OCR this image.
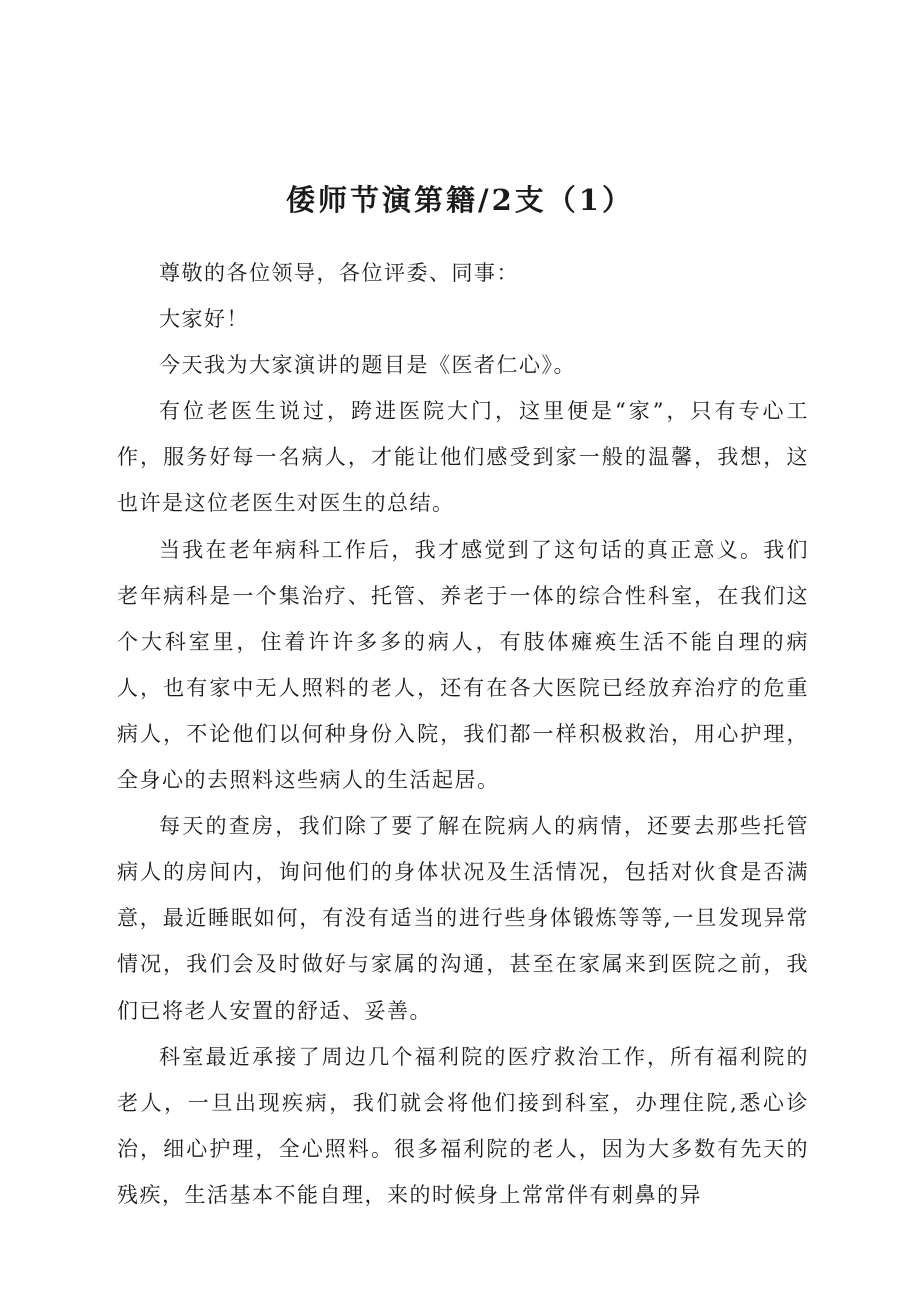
倭师节演第籍/2支（1）

尊敬的各位领导，各位评委、同事：

大家好！

今天我为大家演讲的题目是《医者仁心》。

有位老医生说过，跨进医院大门，这里便是“家”，只有专心工作，服务好每一名病人，才能让他们感受到家一般的温馨，我想，这也许是这位老医生对医生的总结。

当我在老年病科工作后，我才感觉到了这句话的真正意义。我们老年病科是一个集治疗、托管、养老于一体的综合性科室，在我们这个大科室里，住着许许多多的病人，有肢体瘫痪生活不能自理的病人，也有家中无人照料的老人，还有在各大医院已经放弃治疗的危重病人，不论他们以何种身份入院，我们都一样积极救治，用心护理，全身心的去照料这些病人的生活起居。

每天的查房，我们除了要了解在院病人的病情，还要去那些托管病人的房间内，询问他们的身体状况及生活情况，包括对伙食是否满意，最近睡眠如何，有没有适当的进行些身体锻炼等等,一旦发现异常情况，我们会及时做好与家属的沟通，甚至在家属来到医院之前，我们已将老人安置的舒适、妥善。

科室最近承接了周边几个福利院的医疗救治工作，所有福利院的老人，一旦出现疾病，我们就会将他们接到科室，办理住院,悉心诊治，细心护理，全心照料。很多福利院的老人，因为大多数有先天的残疾，生活基本不能自理，来的时候身上常常伴有刺鼻的异
